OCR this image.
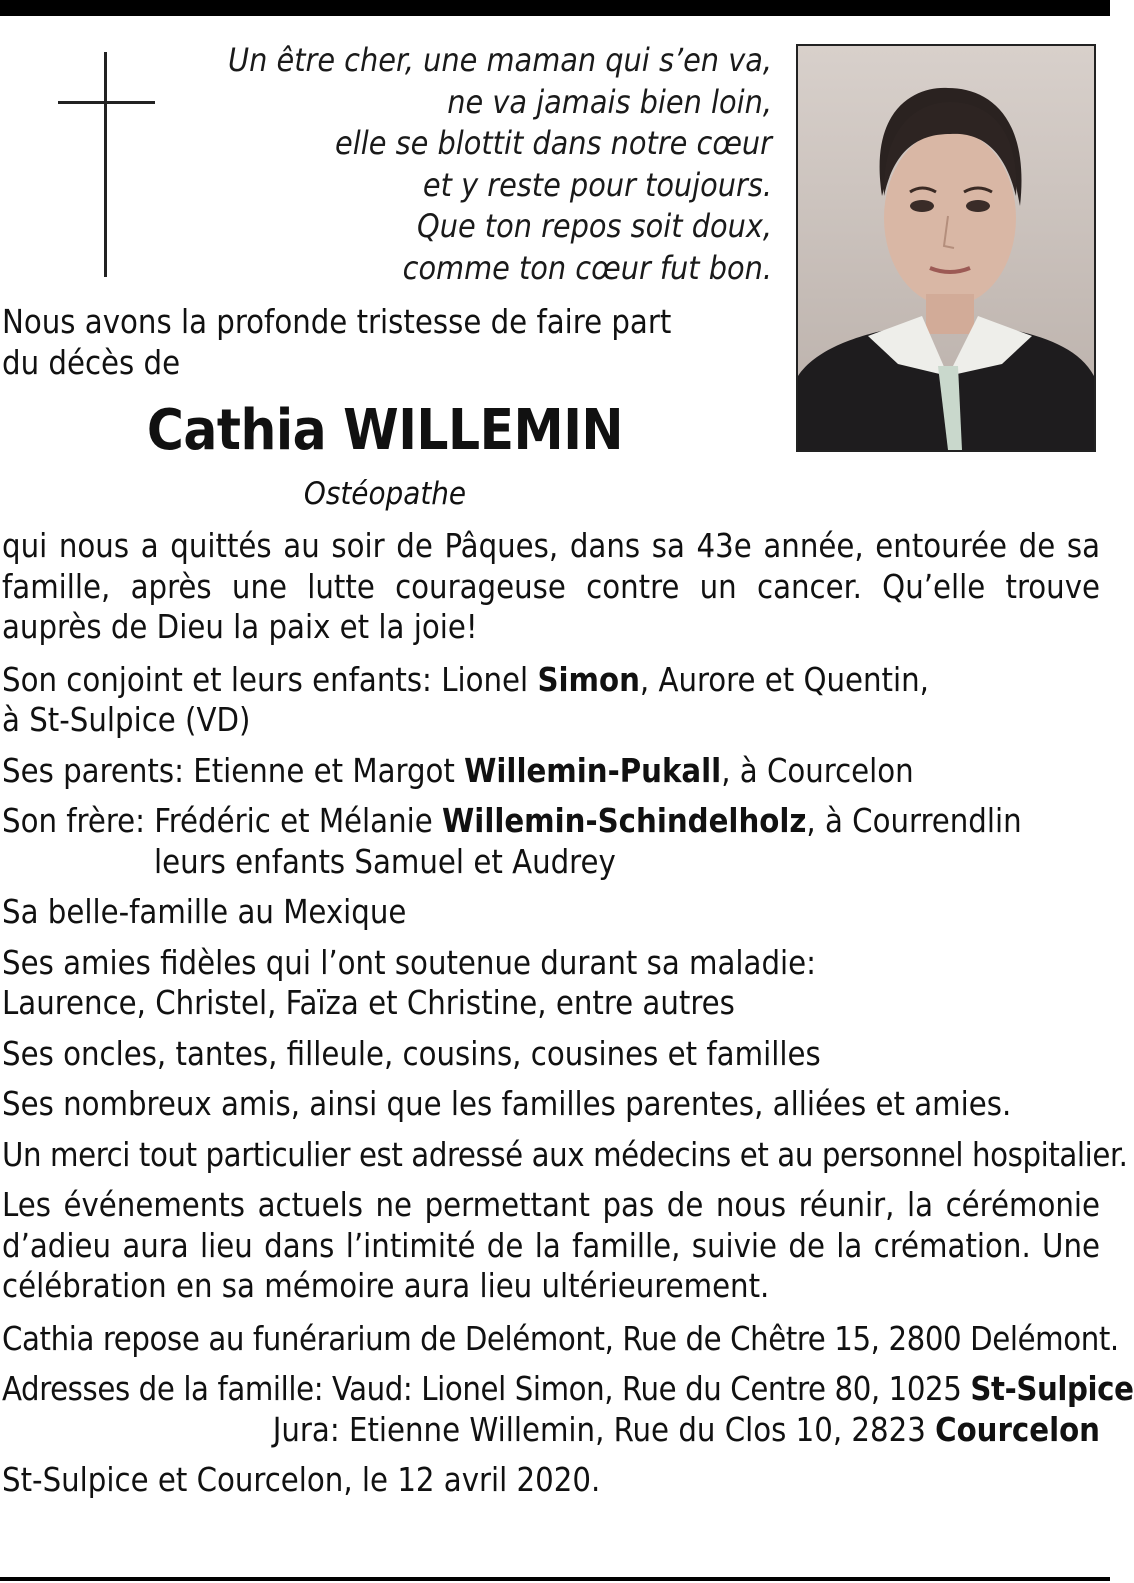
Un être cher, une maman qui s’en va,
ne va jamais bien loin,
elle se blottit dans notre cœur
et y reste pour toujours.
Que ton repos soit doux,
comme ton cœur fut bon.
Nous avons la profonde tristesse de faire part
du décès de
Cathia WILLEMIN
Ostéopathe

qui nous a quittés au soir de Pâques, dans sa 43e année, entourée de sa famille, après une lutte courageuse contre un cancer. Qu’elle trouve auprès de Dieu la paix et la joie!

Son conjoint et leurs enfants: Lionel Simon, Aurore et Quentin,
à St-Sulpice (VD)

Ses parents: Etienne et Margot Willemin-Pukall, à Courcelon

Son frère: Frédéric et Mélanie Willemin-Schindelholz, à Courrendlin
leurs enfants Samuel et Audrey

Sa belle-famille au Mexique

Ses amies fidèles qui l’ont soutenue durant sa maladie:
Laurence, Christel, Faïza et Christine, entre autres

Ses oncles, tantes, filleule, cousins, cousines et familles

Ses nombreux amis, ainsi que les familles parentes, alliées et amies.

Un merci tout particulier est adressé aux médecins et au personnel hospitalier.

Les événements actuels ne permettant pas de nous réunir, la cérémonie d’adieu aura lieu dans l’intimité de la famille, suivie de la crémation. Une célébration en sa mémoire aura lieu ultérieurement.

Cathia repose au funérarium de Delémont, Rue de Chêtre 15, 2800 Delémont.

Adresses de la famille: Vaud: Lionel Simon, Rue du Centre 80, 1025 St-Sulpice

Jura: Etienne Willemin, Rue du Clos 10, 2823 Courcelon

St-Sulpice et Courcelon, le 12 avril 2020.
